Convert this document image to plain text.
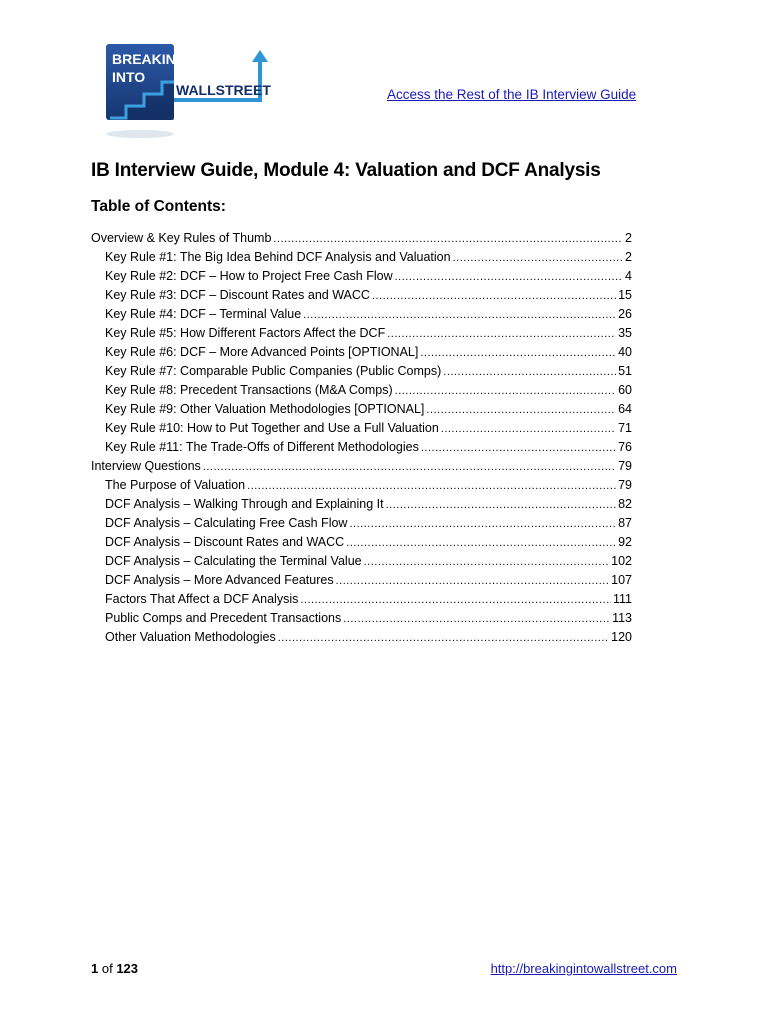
BREAKING
INTO
WALLSTREET	Access the Rest of the IB Interview Guide
IB Interview Guide, Module 4: Valuation and DCF Analysis
Table of Contents:
Overview & Key Rules of Thumb .....	2
Key Rule #1: The Big Idea Behind DCF Analysis and Valuation .....	2
Key Rule #2: DCF – How to Project Free Cash Flow .....	4
Key Rule #3: DCF – Discount Rates and WACC .....	15
Key Rule #4: DCF – Terminal Value .....	26
Key Rule #5: How Different Factors Affect the DCF .....	35
Key Rule #6: DCF – More Advanced Points [OPTIONAL] .....	40
Key Rule #7: Comparable Public Companies (Public Comps) .....	51
Key Rule #8: Precedent Transactions (M&A Comps) .....	60
Key Rule #9: Other Valuation Methodologies [OPTIONAL] .....	64
Key Rule #10: How to Put Together and Use a Full Valuation .....	71
Key Rule #11: The Trade-Offs of Different Methodologies .....	76
Interview Questions .....	79
The Purpose of Valuation .....	79
DCF Analysis – Walking Through and Explaining It .....	82
DCF Analysis – Calculating Free Cash Flow .....	87
DCF Analysis – Discount Rates and WACC .....	92
DCF Analysis – Calculating the Terminal Value .....	102
DCF Analysis – More Advanced Features .....	107
Factors That Affect a DCF Analysis .....	111
Public Comps and Precedent Transactions .....	113
Other Valuation Methodologies .....	120
1 of 123	http://breakingintowallstreet.com
